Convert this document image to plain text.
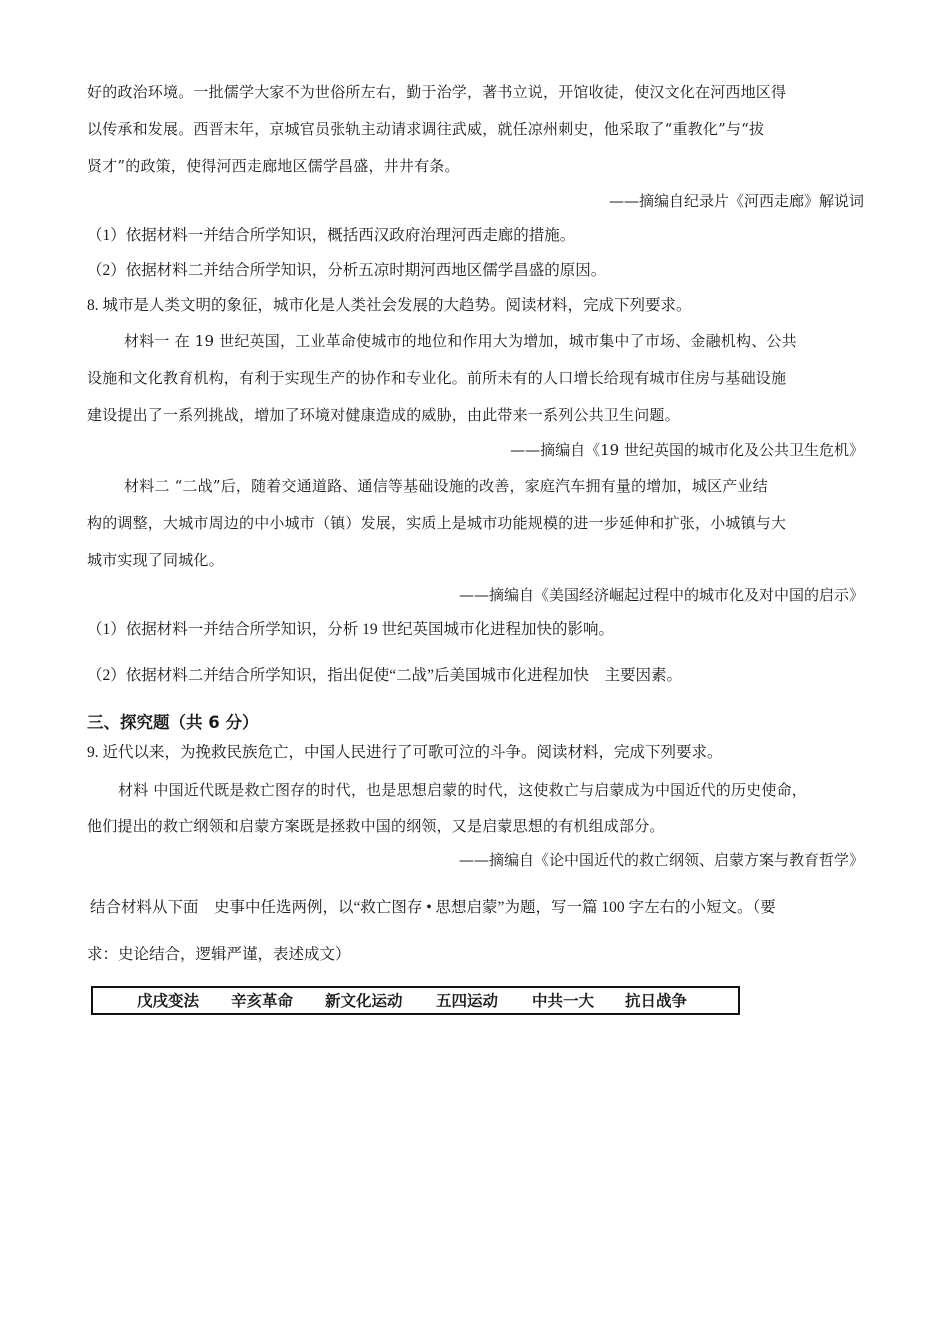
好的政治环境。一批儒学大家不为世俗所左右，勤于治学，著书立说，开馆收徒，使汉文化在河西地区得
以传承和发展。西晋末年，京城官员张轨主动请求调往武威，就任凉州刺史，他采取了“重教化”与“拔
贤才”的政策，使得河西走廊地区儒学昌盛，井井有条。
——摘编自纪录片《河西走廊》解说词
（1）依据材料一并结合所学知识，概括西汉政府治理河西走廊的措施。
（2）依据材料二并结合所学知识，分析五凉时期河西地区儒学昌盛的原因。
8. 城市是人类文明的象征，城市化是人类社会发展的大趋势。阅读材料，完成下列要求。
材料一 在 19 世纪英国，工业革命使城市的地位和作用大为增加，城市集中了市场、金融机构、公共
设施和文化教育机构，有利于实现生产的协作和专业化。前所未有的人口增长给现有城市住房与基础设施
建设提出了一系列挑战，增加了环境对健康造成的威胁，由此带来一系列公共卫生问题。
——摘编自《19 世纪英国的城市化及公共卫生危机》
材料二 “二战”后，随着交通道路、通信等基础设施的改善，家庭汽车拥有量的增加，城区产业结
构的调整，大城市周边的中小城市（镇）发展，实质上是城市功能规模的进一步延伸和扩张，小城镇与大
城市实现了同城化。
——摘编自《美国经济崛起过程中的城市化及对中国的启示》
（1）依据材料一并结合所学知识，分析 19 世纪英国城市化进程加快的影响。
（2）依据材料二并结合所学知识，指出促使“二战”后美国城市化进程加快　主要因素。
三、探究题（共 6 分）
9. 近代以来，为挽救民族危亡，中国人民进行了可歌可泣的斗争。阅读材料，完成下列要求。
材料 中国近代既是救亡图存的时代，也是思想启蒙的时代，这使救亡与启蒙成为中国近代的历史使命，
他们提出的救亡纲领和启蒙方案既是拯救中国的纲领，又是启蒙思想的有机组成部分。
——摘编自《论中国近代的救亡纲领、启蒙方案与教育哲学》
结合材料从下面　史事中任选两例，以“救亡图存 • 思想启蒙”为题，写一篇 100 字左右的小短文。（要
求：史论结合，逻辑严谨，表述成文）
戊戌变法 辛亥革命 新文化运动 五四运动 中共一大 抗日战争
